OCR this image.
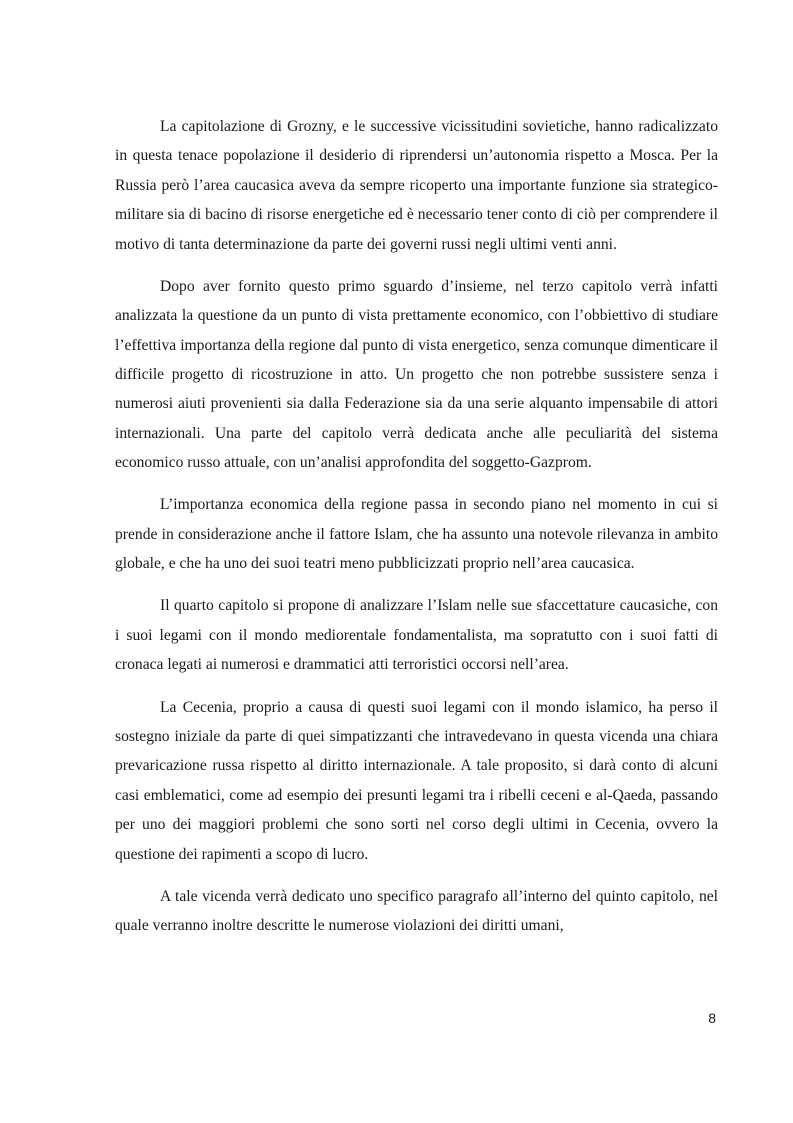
La capitolazione di Grozny, e le successive vicissitudini sovietiche, hanno radicalizzato in questa tenace popolazione il desiderio di riprendersi un’autonomia rispetto a Mosca. Per la Russia però l’area caucasica aveva da sempre ricoperto una importante funzione sia strategico-militare sia di bacino di risorse energetiche ed è necessario tener conto di ciò per comprendere il motivo di tanta determinazione da parte dei governi russi negli ultimi venti anni.

Dopo aver fornito questo primo sguardo d’insieme, nel terzo capitolo verrà infatti analizzata la questione da un punto di vista prettamente economico, con l’obbiettivo di studiare l’effettiva importanza della regione dal punto di vista energetico, senza comunque dimenticare il difficile progetto di ricostruzione in atto. Un progetto che non potrebbe sussistere senza i numerosi aiuti provenienti sia dalla Federazione sia da una serie alquanto impensabile di attori internazionali. Una parte del capitolo verrà dedicata anche alle peculiarità del sistema economico russo attuale, con un’analisi approfondita del soggetto-Gazprom.

L’importanza economica della regione passa in secondo piano nel momento in cui si prende in considerazione anche il fattore Islam, che ha assunto una notevole rilevanza in ambito globale, e che ha uno dei suoi teatri meno pubblicizzati proprio nell’area caucasica.

Il quarto capitolo si propone di analizzare l’Islam nelle sue sfaccettature caucasiche, con i suoi legami con il mondo mediorentale fondamentalista, ma sopratutto con i suoi fatti di cronaca legati ai numerosi e drammatici atti terroristici occorsi nell’area.

La Cecenia, proprio a causa di questi suoi legami con il mondo islamico, ha perso il sostegno iniziale da parte di quei simpatizzanti che intravedevano in questa vicenda una chiara prevaricazione russa rispetto al diritto internazionale. A tale proposito, si darà conto di alcuni casi emblematici, come ad esempio dei presunti legami tra i ribelli ceceni e al-Qaeda, passando per uno dei maggiori problemi che sono sorti nel corso degli ultimi in Cecenia, ovvero la questione dei rapimenti a scopo di lucro.

A tale vicenda verrà dedicato uno specifico paragrafo all’interno del quinto capitolo, nel quale verranno inoltre descritte le numerose violazioni dei diritti umani,

8
